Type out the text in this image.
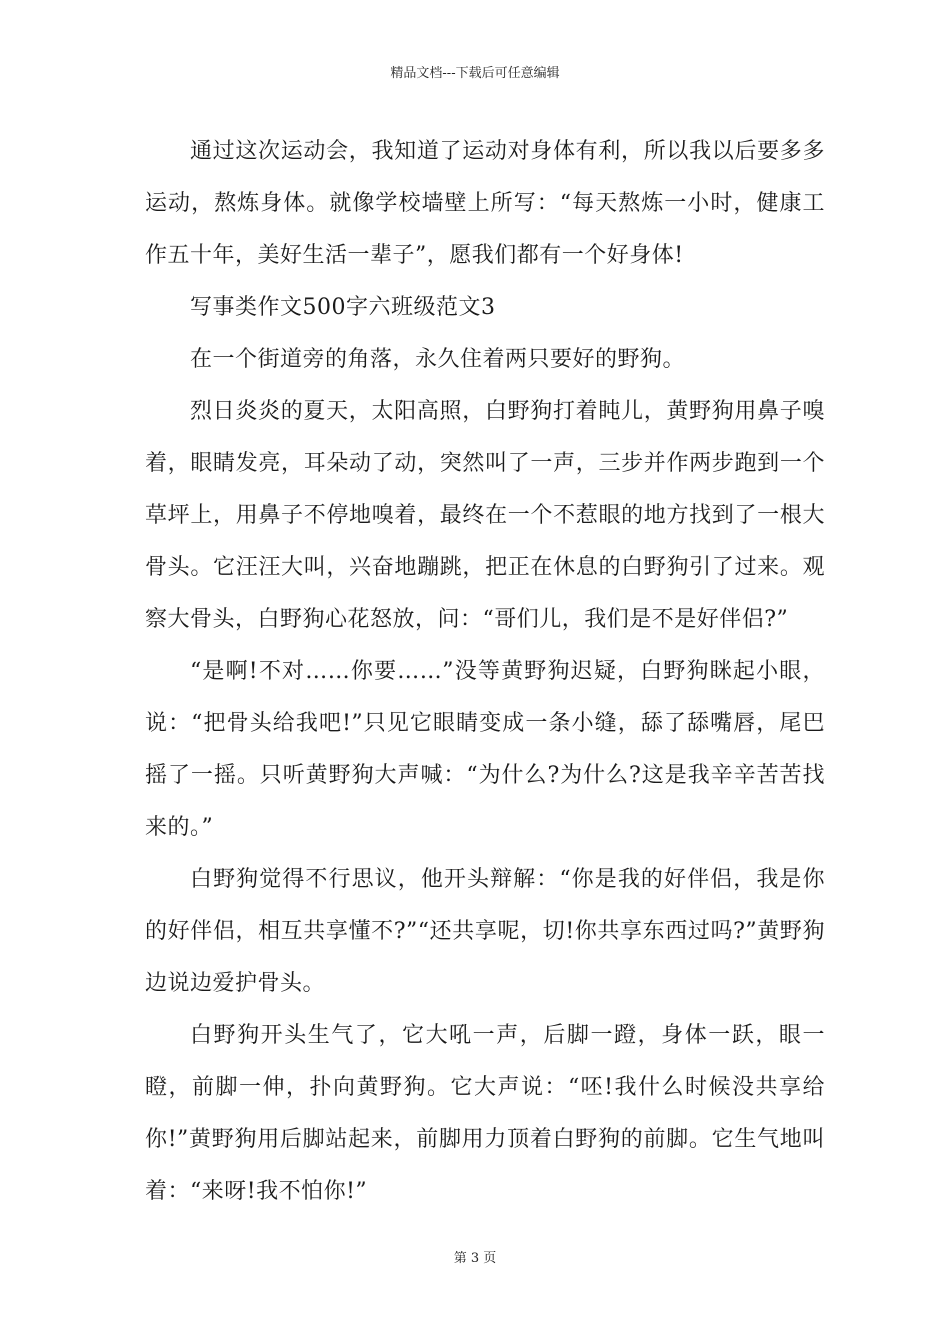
精品文档---下载后可任意编辑

通过这次运动会，我知道了运动对身体有利，所以我以后要多多运动，熬炼身体。就像学校墙壁上所写：“每天熬炼一小时，健康工作五十年，美好生活一辈子”，愿我们都有一个好身体!

写事类作文500字六班级范文3

在一个街道旁的角落，永久住着两只要好的野狗。

烈日炎炎的夏天，太阳高照，白野狗打着盹儿，黄野狗用鼻子嗅着，眼睛发亮，耳朵动了动，突然叫了一声，三步并作两步跑到一个草坪上，用鼻子不停地嗅着，最终在一个不惹眼的地方找到了一根大骨头。它汪汪大叫，兴奋地蹦跳，把正在休息的白野狗引了过来。观察大骨头，白野狗心花怒放，问：“哥们儿，我们是不是好伴侣?”

“是啊!不对……你要……”没等黄野狗迟疑，白野狗眯起小眼，说：“把骨头给我吧!”只见它眼睛变成一条小缝，舔了舔嘴唇，尾巴摇了一摇。只听黄野狗大声喊：“为什么?为什么?这是我辛辛苦苦找来的。”

白野狗觉得不行思议，他开头辩解：“你是我的好伴侣，我是你的好伴侣，相互共享懂不?”“还共享呢，切!你共享东西过吗?”黄野狗边说边爱护骨头。

白野狗开头生气了，它大吼一声，后脚一蹬，身体一跃，眼一瞪，前脚一伸，扑向黄野狗。它大声说：“呸!我什么时候没共享给你!”黄野狗用后脚站起来，前脚用力顶着白野狗的前脚。它生气地叫着：“来呀!我不怕你!”

第 3 页
